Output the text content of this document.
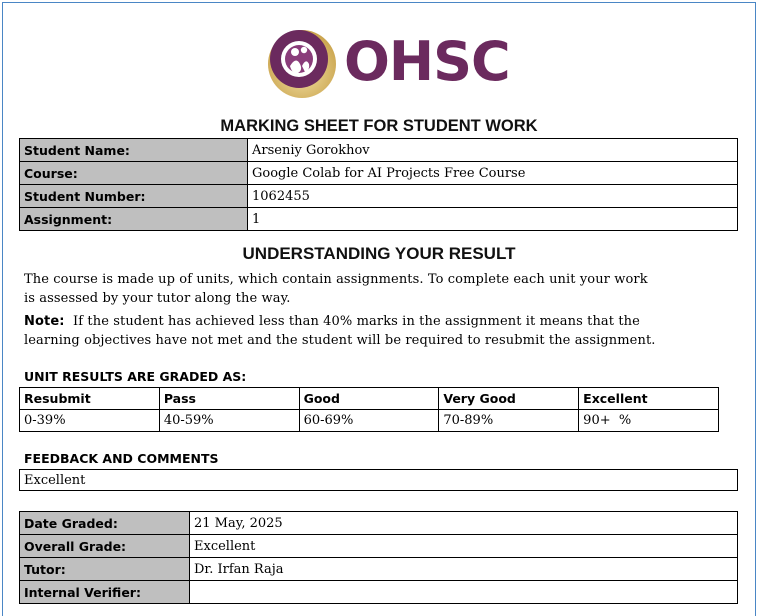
OHSC
MARKING SHEET FOR STUDENT WORK
Student Name:	Arseniy Gorokhov
Course:	Google Colab for AI Projects Free Course
Student Number:	1062455
Assignment:	1
UNDERSTANDING YOUR RESULT
The course is made up of units, which contain assignments. To complete each unit your work
is assessed by your tutor along the way.
Note: If the student has achieved less than 40% marks in the assignment it means that the
learning objectives have not met and the student will be required to resubmit the assignment.
UNIT RESULTS ARE GRADED AS:
Resubmit	Pass	Good	Very Good	Excellent
0-39%	40-59%	60-69%	70-89%	90+  %
FEEDBACK AND COMMENTS
Excellent
Date Graded:	21 May, 2025
Overall Grade:	Excellent
Tutor:	Dr. Irfan Raja
Internal Verifier:	
